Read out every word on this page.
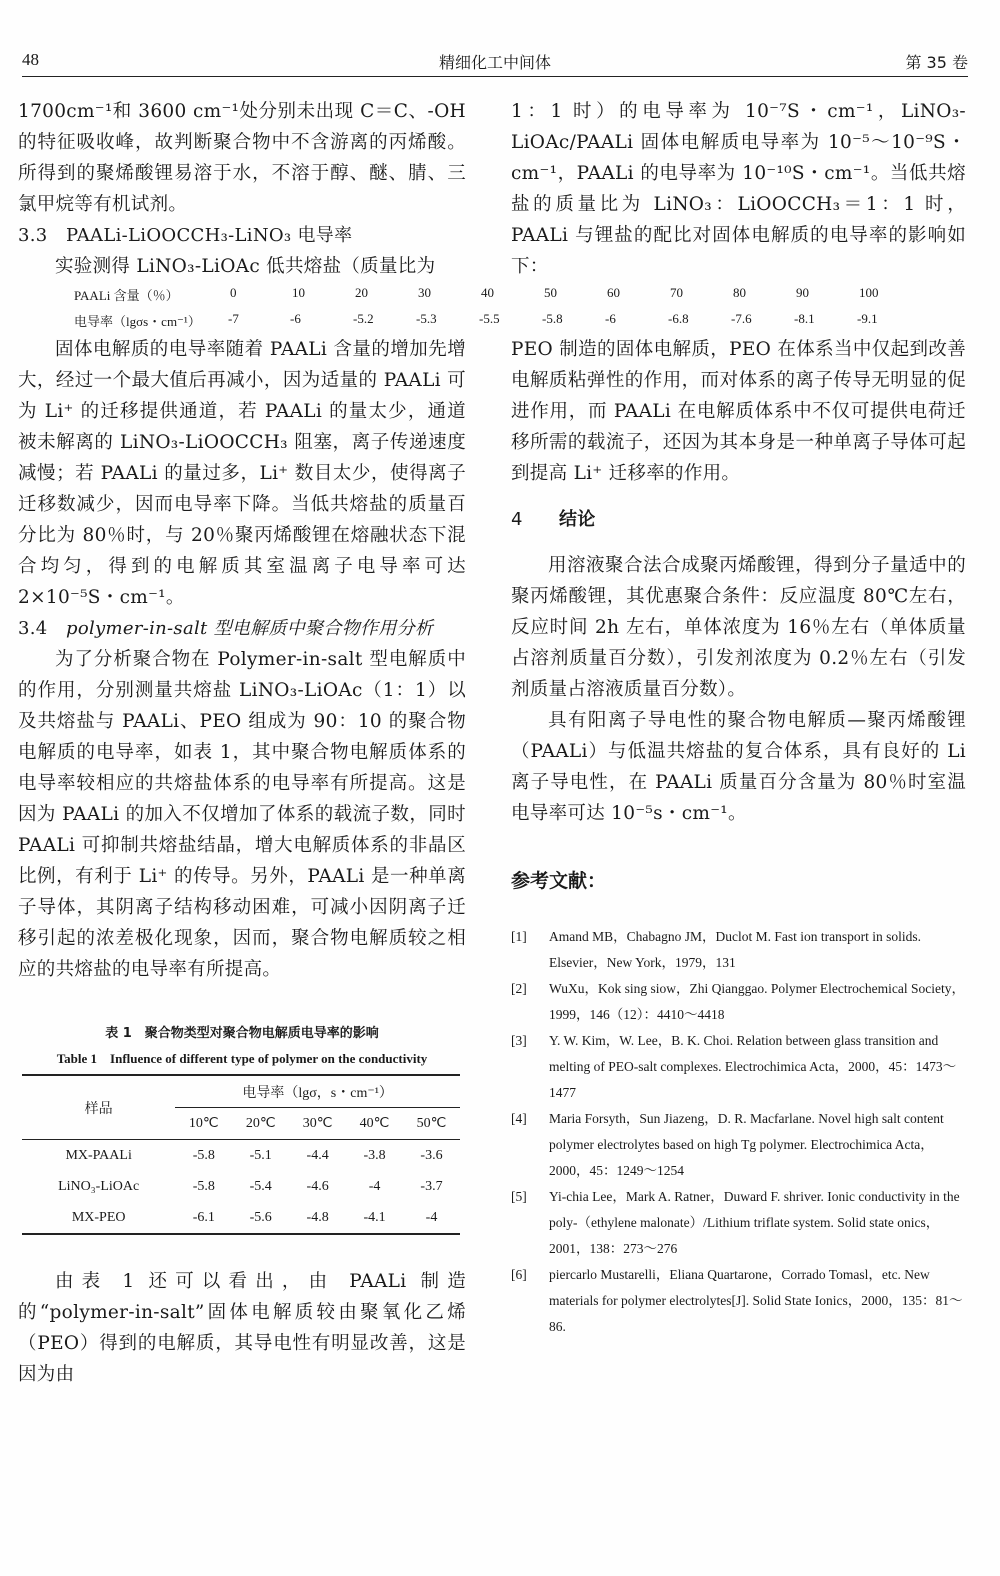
48	精细化工中间体	第 35 卷

1700cm⁻¹和 3600 cm⁻¹处分别未出现 C＝C、-OH 的特征吸收峰，故判断聚合物中不含游离的丙烯酸。所得到的聚烯酸锂易溶于水，不溶于醇、醚、腈、三氯甲烷等有机试剂。

3.3 PAALi-LiOOCCH₃-LiNO₃ 电导率

实验测得 LiNO₃-LiOAc 低共熔盐（质量比为

1：1 时）的电导率为 10⁻⁷S・cm⁻¹，LiNO₃-LiOAc/PAALi 固体电解质电导率为 10⁻⁵～10⁻⁹S・cm⁻¹，PAALi 的电导率为 10⁻¹⁰S・cm⁻¹。当低共熔盐的质量比为 LiNO₃：LiOOCCH₃＝1：1 时，PAALi 与锂盐的配比对固体电解质的电导率的影响如下：

PAALi 含量（％）	0	10	20	30	40	50	60	70	80	90	100
电导率（lgσs・cm⁻¹） -7	-6	-5.2	-5.3	-5.5	-5.8	-6	-6.8	-7.6	-8.1	-9.1

固体电解质的电导率随着 PAALi 含量的增加先增大，经过一个最大值后再减小，因为适量的 PAALi 可为 Li⁺ 的迁移提供通道，若 PAALi 的量太少，通道被未解离的 LiNO₃-LiOOCCH₃ 阻塞，离子传递速度减慢；若 PAALi 的量过多，Li⁺ 数目太少，使得离子迁移数减少，因而电导率下降。当低共熔盐的质量百分比为 80％时，与 20％聚丙烯酸锂在熔融状态下混合均匀，得到的电解质其室温离子电导率可达 2×10⁻⁵S・cm⁻¹。

3.4 polymer-in-salt 型电解质中聚合物作用分析

为了分析聚合物在 Polymer-in-salt 型电解质中的作用，分别测量共熔盐 LiNO₃-LiOAc（1：1）以及共熔盐与 PAALi、PEO 组成为 90：10 的聚合物电解质的电导率，如表 1，其中聚合物电解质体系的电导率较相应的共熔盐体系的电导率有所提高。这是因为 PAALi 的加入不仅增加了体系的载流子数，同时 PAALi 可抑制共熔盐结晶，增大电解质体系的非晶区比例，有利于 Li⁺ 的传导。另外，PAALi 是一种单离子导体，其阴离子结构移动困难，可减小因阴离子迁移引起的浓差极化现象，因而，聚合物电解质较之相应的共熔盐的电导率有所提高。

PEO 制造的固体电解质，PEO 在体系当中仅起到改善电解质粘弹性的作用，而对体系的离子传导无明显的促进作用，而 PAALi 在电解质体系中不仅可提供电荷迁移所需的载流子，还因为其本身是一种单离子导体可起到提高 Li⁺ 迁移率的作用。

4 结论

用溶液聚合法合成聚丙烯酸锂，得到分子量适中的聚丙烯酸锂，其优惠聚合条件：反应温度 80℃左右，反应时间 2h 左右，单体浓度为 16％左右（单体质量占溶剂质量百分数），引发剂浓度为 0.2％左右（引发剂质量占溶液质量百分数）。

具有阳离子导电性的聚合物电解质—聚丙烯酸锂（PAALi）与低温共熔盐的复合体系，具有良好的 Li 离子导电性，在 PAALi 质量百分含量为 80％时室温电导率可达 10⁻⁵s・cm⁻¹。

表 1　聚合物类型对聚合物电解质电导率的影响
Table 1　Influence of different type of polymer on the conductivity
样品	电导率（lgσ，s・cm⁻¹）				
	10℃	20℃	30℃	40℃	50℃
MX-PAALi	-5.8	-5.1	-4.4	-3.8	-3.6
LiNO₃-LiOAc	-5.8	-5.4	-4.6	-4	-3.7
MX-PEO	-6.1	-5.6	-4.8	-4.1	-4

由表 1 还可以看出，由 PAALi 制造的“polymer-in-salt”固体电解质较由聚氧化乙烯（PEO）得到的电解质，其导电性有明显改善，这是因为由

参考文献：

[1] Amand MB，Chabagno JM，Duclot M. Fast ion transport in solids. Elsevier，New York，1979，131

[2] WuXu，Kok sing siow，Zhi Qianggao. Polymer Electrochemical Society，1999，146（12）：4410～4418

[3] Y. W. Kim，W. Lee，B. K. Choi. Relation between glass transition and melting of PEO-salt complexes. Electrochimica Acta，2000，45：1473～1477

[4] Maria Forsyth，Sun Jiazeng，D. R. Macfarlane. Novel high salt content polymer electrolytes based on high Tg polymer. Electrochimica Acta，2000，45：1249～1254

[5] Yi-chia Lee，Mark A. Ratner，Duward F. shriver. Ionic conductivity in the poly-（ethylene malonate）/Lithium triflate system. Solid state onics，2001，138：273～276

[6] piercarlo Mustarelli，Eliana Quartarone，Corrado Tomasl，etc. New materials for polymer electrolytes[J]. Solid State Ionics，2000，135：81～86.
